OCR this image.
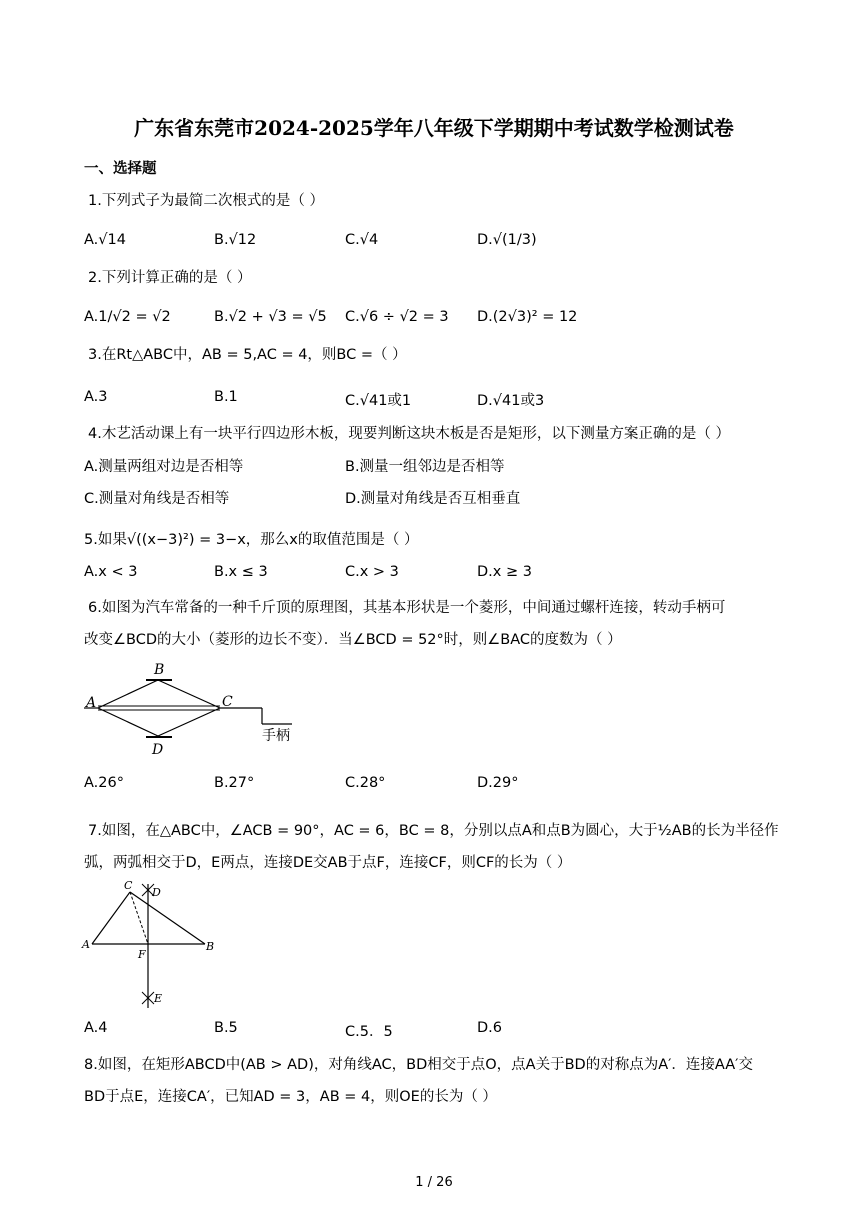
广东省东莞市2024-2025学年八年级下学期期中考试数学检测试卷
一、选择题
1.下列式子为最简二次根式的是（ ）
A.√14	B.√12	C.√4	D.√(1/3)
2.下列计算正确的是（ ）
A.1/√2 = √2	B.√2 + √3 = √5 C.√6 ÷ √2 = 3 D.(2√3)² = 12
3.在Rt△ABC中，AB = 5,AC = 4，则BC =（ ）
A.3	B.1	C.√41或1	D.√41或3
4.木艺活动课上有一块平行四边形木板，现要判断这块木板是否是矩形，以下测量方案正确的是（ ）
A.测量两组对边是否相等	B.测量一组邻边是否相等
C.测量对角线是否相等	D.测量对角线是否互相垂直
5.如果√((x−3)²) = 3−x，那么x的取值范围是（ ）
A.x < 3	B.x ≤ 3	C.x > 3	D.x ≥ 3
6.如图为汽车常备的一种千斤顶的原理图，其基本形状是一个菱形，中间通过螺杆连接，转动手柄可
改变∠BCD的大小（菱形的边长不变）．当∠BCD = 52°时，则∠BAC的度数为（ ）
A
B
C
D
手柄
A.26°	B.27°	C.28°	D.29°
7.如图，在△ABC中，∠ACB = 90°，AC = 6，BC = 8，分别以点A和点B为圆心，大于½AB的长为半径作
弧，两弧相交于D，E两点，连接DE交AB于点F，连接CF，则CF的长为（ ）
A	B
C
D
E
F
A.4	B.5	C.5．5	D.6
8.如图，在矩形ABCD中(AB > AD)，对角线AC，BD相交于点O，点A关于BD的对称点为A′．连接AA′交
BD于点E，连接CA′，已知AD = 3，AB = 4，则OE的长为（ ）
1 / 26
